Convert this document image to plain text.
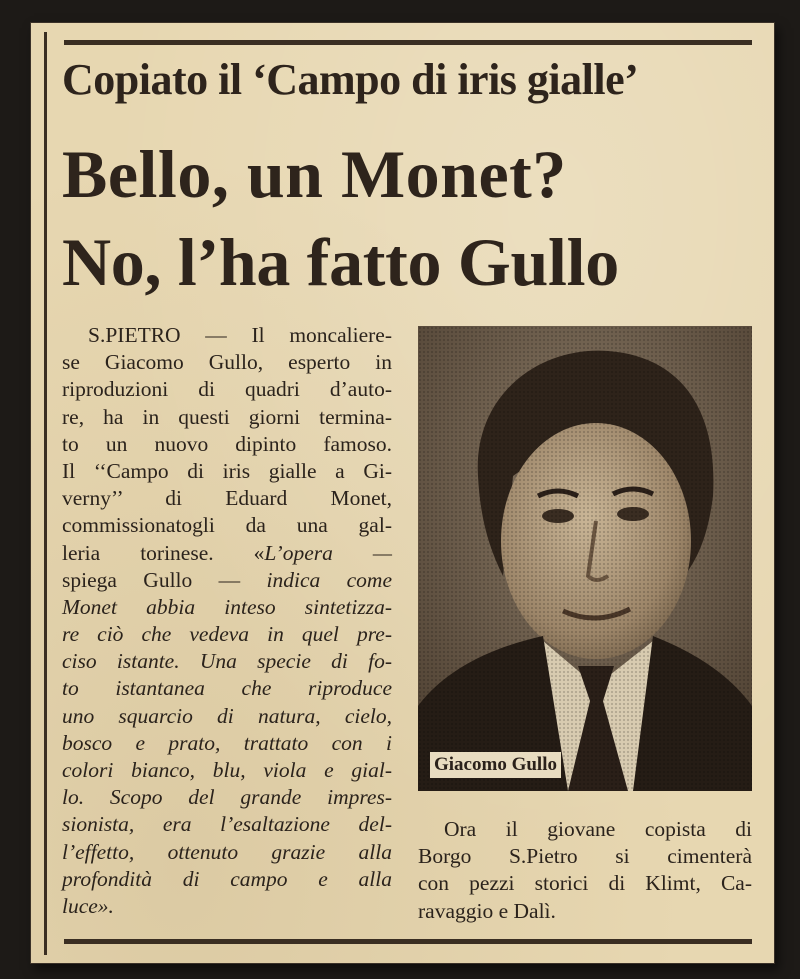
Copiato il ‘Campo di iris gialle’
Bello, un Monet?
No, l’ha fatto Gullo
S.PIETRO — Il moncaliere-
se Giacomo Gullo, esperto in
riproduzioni di quadri d’auto-
re, ha in questi giorni termina-
to un nuovo dipinto famoso.
Il ‘‘Campo di iris gialle a Gi-
verny’’ di Eduard Monet,
commissionatogli da una gal-
leria torinese. «L’opera —
spiega Gullo — indica come
Monet abbia inteso sintetizza-
re ciò che vedeva in quel pre-
ciso istante. Una specie di fo-
to istantanea che riproduce
uno squarcio di natura, cielo,
bosco e prato, trattato con i
colori bianco, blu, viola e gial-
lo. Scopo del grande impres-
sionista, era l’esaltazione del-
l’effetto, ottenuto grazie alla
profondità di campo e alla
luce».
Giacomo Gullo
Ora il giovane copista di
Borgo S.Pietro si cimenterà
con pezzi storici di Klimt, Ca-
ravaggio e Dalì.
